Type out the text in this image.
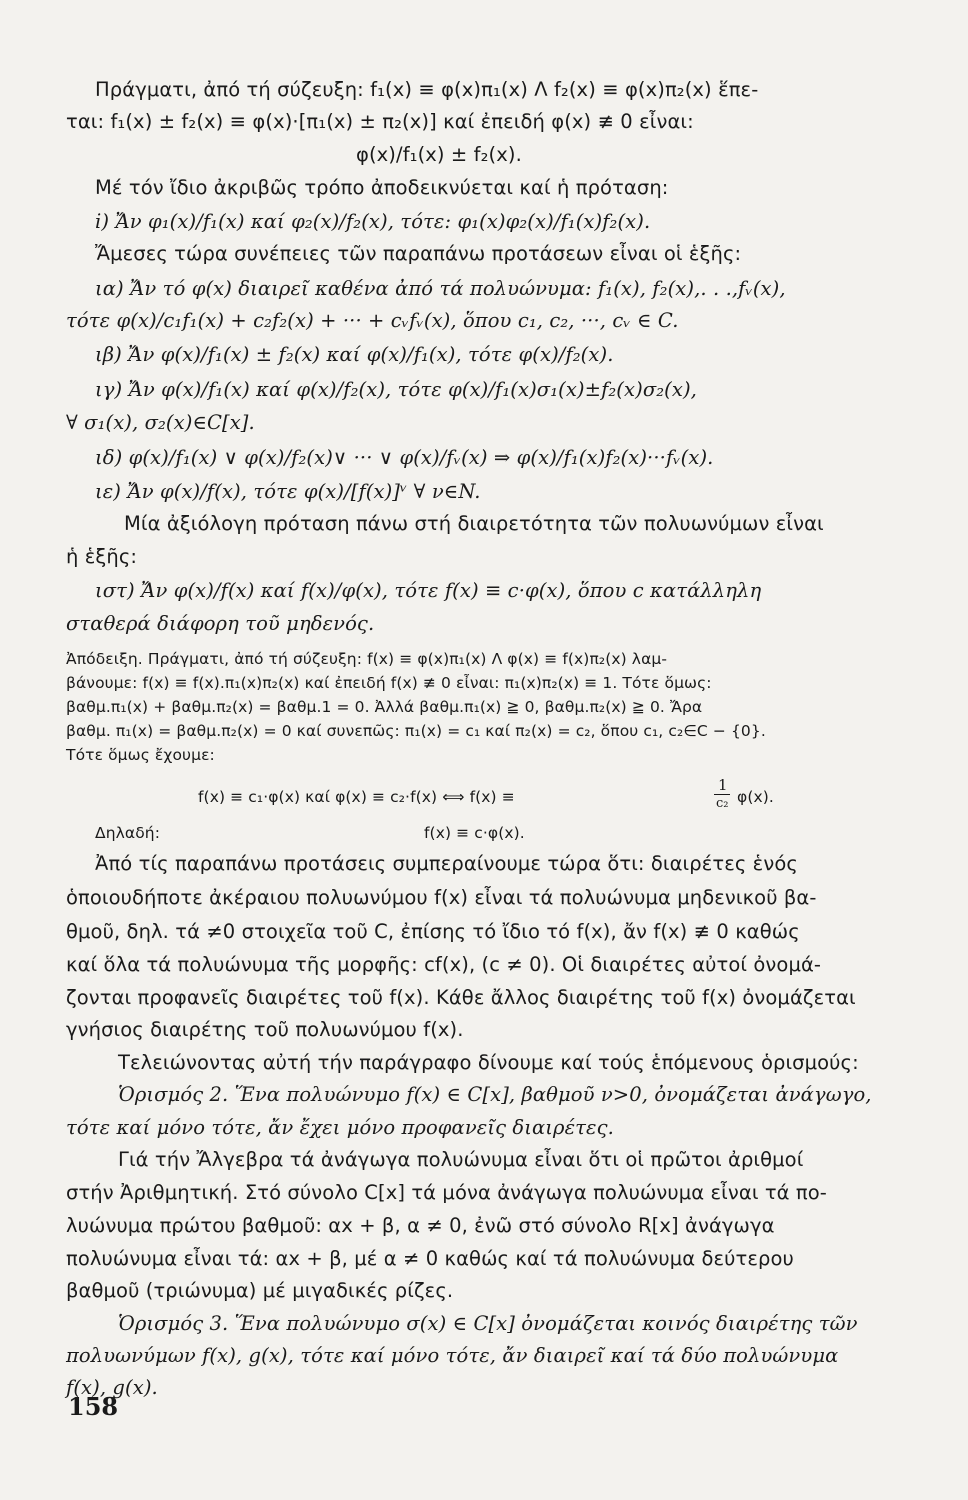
Πράγματι, ἀπό τή σύζευξη: f₁(x) ≡ φ(x)π₁(x) Λ f₂(x) ≡ φ(x)π₂(x) ἕπε-
ται: f₁(x) ± f₂(x) ≡ φ(x)·[π₁(x) ± π₂(x)] καί ἐπειδή φ(x) ≢ 0 εἶναι:
φ(x)/f₁(x) ± f₂(x).
Μέ τόν ἴδιο ἀκριβῶς τρόπο ἀποδεικνύεται καί ἡ πρόταση:
i) Ἄν φ₁(x)/f₁(x) καί φ₂(x)/f₂(x), τότε: φ₁(x)φ₂(x)/f₁(x)f₂(x).
Ἄμεσες τώρα συνέπειες τῶν παραπάνω προτάσεων εἶναι οἱ ἑξῆς:
ια) Ἄν τό φ(x) διαιρεῖ καθένα ἀπό τά πολυώνυμα: f₁(x), f₂(x),. . .,fᵥ(x),
τότε φ(x)/c₁f₁(x) + c₂f₂(x) + ··· + cᵥfᵥ(x), ὅπου c₁, c₂, ···, cᵥ ∈ C.
ιβ) Ἄν φ(x)/f₁(x) ± f₂(x) καί φ(x)/f₁(x), τότε φ(x)/f₂(x).
ιγ) Ἄν φ(x)/f₁(x) καί φ(x)/f₂(x), τότε φ(x)/f₁(x)σ₁(x)±f₂(x)σ₂(x),
∀ σ₁(x), σ₂(x)∈C[x].
ιδ) φ(x)/f₁(x) ∨ φ(x)/f₂(x)∨ ··· ∨ φ(x)/fᵥ(x) ⇒ φ(x)/f₁(x)f₂(x)···fᵥ(x).
ιε) Ἄν φ(x)/f(x), τότε φ(x)/[f(x)]ᵛ ∀ ν∈N.
Μία ἀξιόλογη πρόταση πάνω στή διαιρετότητα τῶν πολυωνύμων εἶναι
ἡ ἑξῆς:
ιστ) Ἄν φ(x)/f(x) καί f(x)/φ(x), τότε f(x) ≡ c·φ(x), ὅπου c κατάλληλη
σταθερά διάφορη τοῦ μηδενός.
Ἀπόδειξη. Πράγματι, ἀπό τή σύζευξη: f(x) ≡ φ(x)π₁(x) Λ φ(x) ≡ f(x)π₂(x) λαμ-
βάνουμε: f(x) ≡ f(x).π₁(x)π₂(x) καί ἐπειδή f(x) ≢ 0 εἶναι: π₁(x)π₂(x) ≡ 1. Τότε ὅμως:
βαθμ.π₁(x) + βαθμ.π₂(x) = βαθμ.1 = 0. Ἀλλά βαθμ.π₁(x) ≧ 0, βαθμ.π₂(x) ≧ 0. Ἄρα
βαθμ. π₁(x) = βαθμ.π₂(x) = 0 καί συνεπῶς: π₁(x) = c₁ καί π₂(x) = c₂, ὅπου c₁, c₂∈C − {0}.
Τότε ὅμως ἔχουμε:
f(x) ≡ c₁·φ(x) καί φ(x) ≡ c₂·f(x) ⟺ f(x) ≡
1
c₂ φ(x).
Δηλαδή:	f(x) ≡ c·φ(x).
Ἀπό τίς παραπάνω προτάσεις συμπεραίνουμε τώρα ὅτι: διαιρέτες ἑνός
ὁποιουδήποτε ἀκέραιου πολυωνύμου f(x) εἶναι τά πολυώνυμα μηδενικοῦ βα-
θμοῦ, δηλ. τά ≠0 στοιχεῖα τοῦ C, ἐπίσης τό ἴδιο τό f(x), ἄν f(x) ≢ 0 καθώς
καί ὅλα τά πολυώνυμα τῆς μορφῆς: cf(x), (c ≠ 0). Οἱ διαιρέτες αὐτοί ὀνομά-
ζονται προφανεῖς διαιρέτες τοῦ f(x). Κάθε ἄλλος διαιρέτης τοῦ f(x) ὀνομάζεται
γνήσιος διαιρέτης τοῦ πολυωνύμου f(x).
Τελειώνοντας αὐτή τήν παράγραφο δίνουμε καί τούς ἑπόμενους ὁρισμούς:
Ὁρισμός 2. Ἕνα πολυώνυμο f(x) ∈ C[x], βαθμοῦ ν>0, ὀνομάζεται ἀνάγωγο,
τότε καί μόνο τότε, ἄν ἔχει μόνο προφανεῖς διαιρέτες.
Γιά τήν Ἄλγεβρα τά ἀνάγωγα πολυώνυμα εἶναι ὅτι οἱ πρῶτοι ἀριθμοί
στήν Ἀριθμητική. Στό σύνολο C[x] τά μόνα ἀνάγωγα πολυώνυμα εἶναι τά πο-
λυώνυμα πρώτου βαθμοῦ: αx + β, α ≠ 0, ἐνῶ στό σύνολο R[x] ἀνάγωγα
πολυώνυμα εἶναι τά: αx + β, μέ α ≠ 0 καθώς καί τά πολυώνυμα δεύτερου
βαθμοῦ (τριώνυμα) μέ μιγαδικές ρίζες.
Ὁρισμός 3. Ἕνα πολυώνυμο σ(x) ∈ C[x] ὀνομάζεται κοινός διαιρέτης τῶν
πολυωνύμων f(x), g(x), τότε καί μόνο τότε, ἄν διαιρεῖ καί τά δύο πολυώνυμα
f(x), g(x).
158
